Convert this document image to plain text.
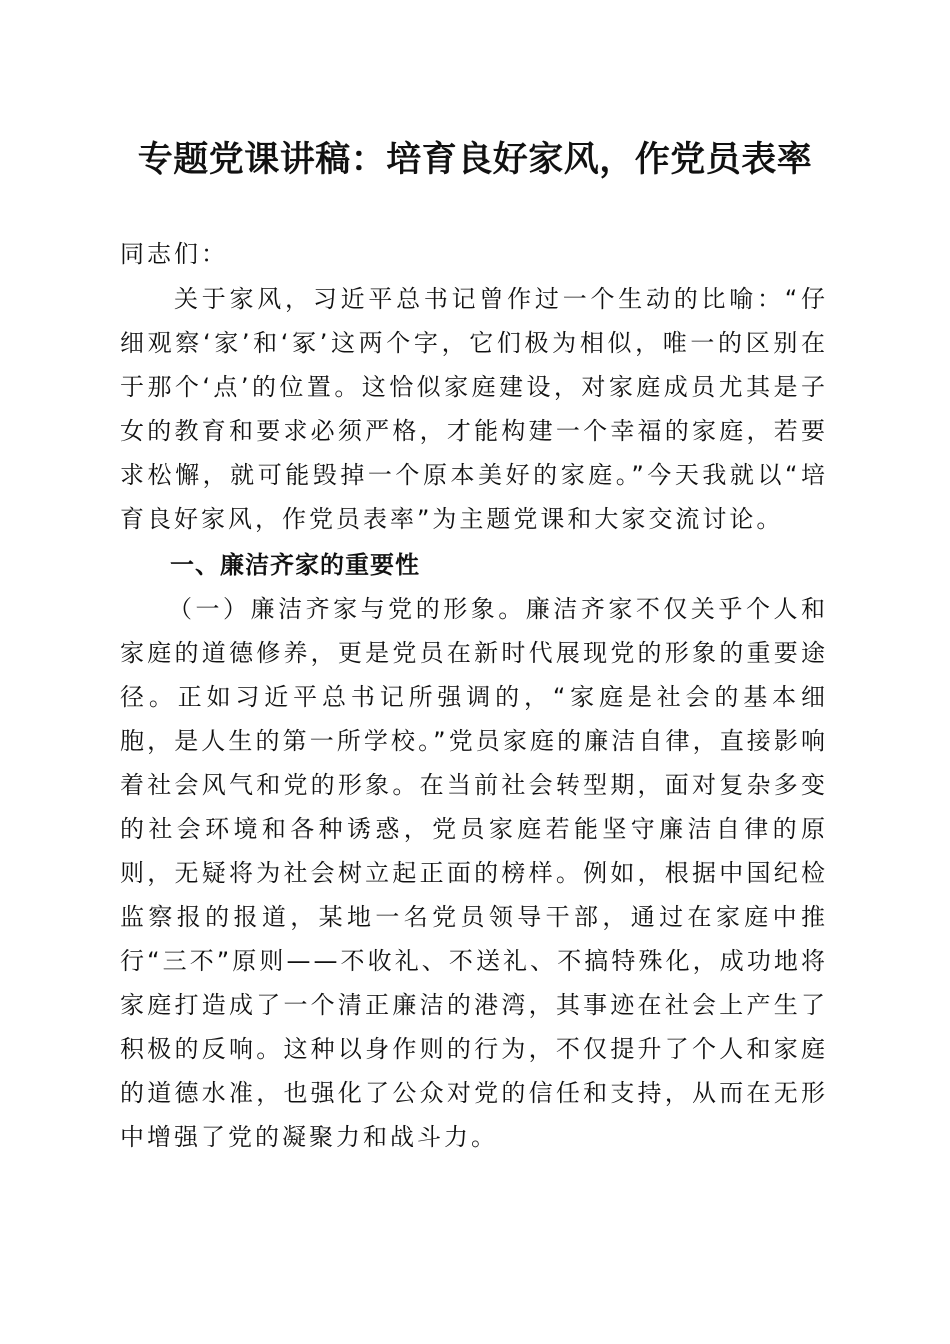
专题党课讲稿：培育良好家风，作党员表率

同志们：

关于家风，习近平总书记曾作过一个生动的比喻：“仔细观察‘家’和‘冢’这两个字，它们极为相似，唯一的区别在于那个‘点’的位置。这恰似家庭建设，对家庭成员尤其是子女的教育和要求必须严格，才能构建一个幸福的家庭，若要求松懈，就可能毁掉一个原本美好的家庭。”今天我就以“培育良好家风，作党员表率”为主题党课和大家交流讨论。

一、廉洁齐家的重要性

（一）廉洁齐家与党的形象。廉洁齐家不仅关乎个人和家庭的道德修养，更是党员在新时代展现党的形象的重要途径。正如习近平总书记所强调的，“家庭是社会的基本细胞，是人生的第一所学校。”党员家庭的廉洁自律，直接影响着社会风气和党的形象。在当前社会转型期，面对复杂多变的社会环境和各种诱惑，党员家庭若能坚守廉洁自律的原则，无疑将为社会树立起正面的榜样。例如，根据中国纪检监察报的报道，某地一名党员领导干部，通过在家庭中推行“三不”原则——不收礼、不送礼、不搞特殊化，成功地将家庭打造成了一个清正廉洁的港湾，其事迹在社会上产生了积极的反响。这种以身作则的行为，不仅提升了个人和家庭的道德水准，也强化了公众对党的信任和支持，从而在无形中增强了党的凝聚力和战斗力。
